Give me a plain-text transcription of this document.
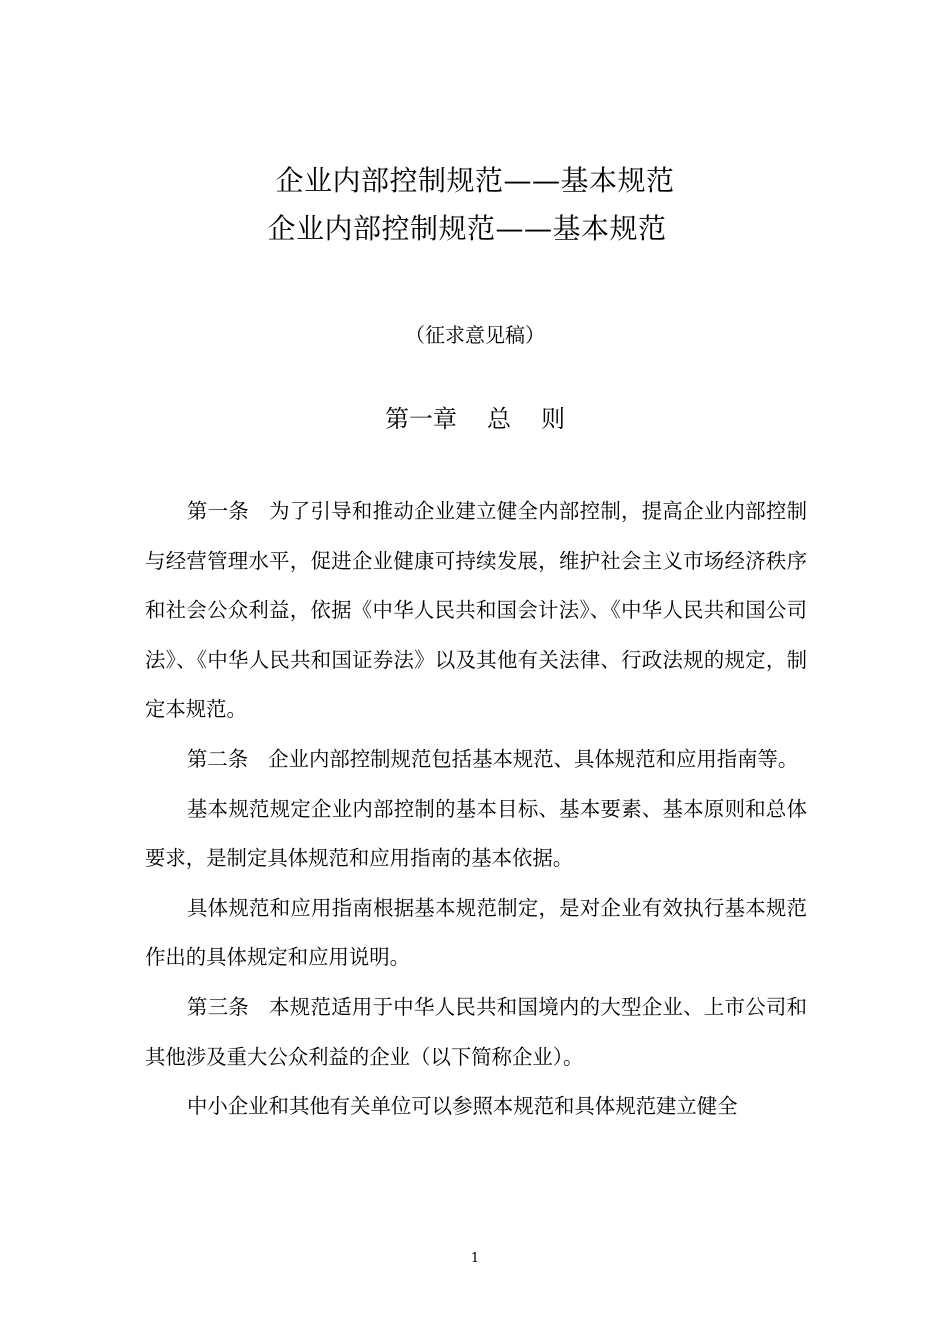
企业内部控制规范——基本规范
企业内部控制规范——基本规范
（征求意见稿）
第一章 总 则

第一条 为了引导和推动企业建立健全内部控制，提高企业内部控制与经营管理水平，促进企业健康可持续发展，维护社会主义市场经济秩序和社会公众利益，依据《中华人民共和国会计法》、《中华人民共和国公司法》、《中华人民共和国证券法》以及其他有关法律、行政法规的规定，制定本规范。

第二条 企业内部控制规范包括基本规范、具体规范和应用指南等。

基本规范规定企业内部控制的基本目标、基本要素、基本原则和总体要求，是制定具体规范和应用指南的基本依据。

具体规范和应用指南根据基本规范制定，是对企业有效执行基本规范作出的具体规定和应用说明。

第三条 本规范适用于中华人民共和国境内的大型企业、上市公司和其他涉及重大公众利益的企业（以下简称企业）。

中小企业和其他有关单位可以参照本规范和具体规范建立健全

1
